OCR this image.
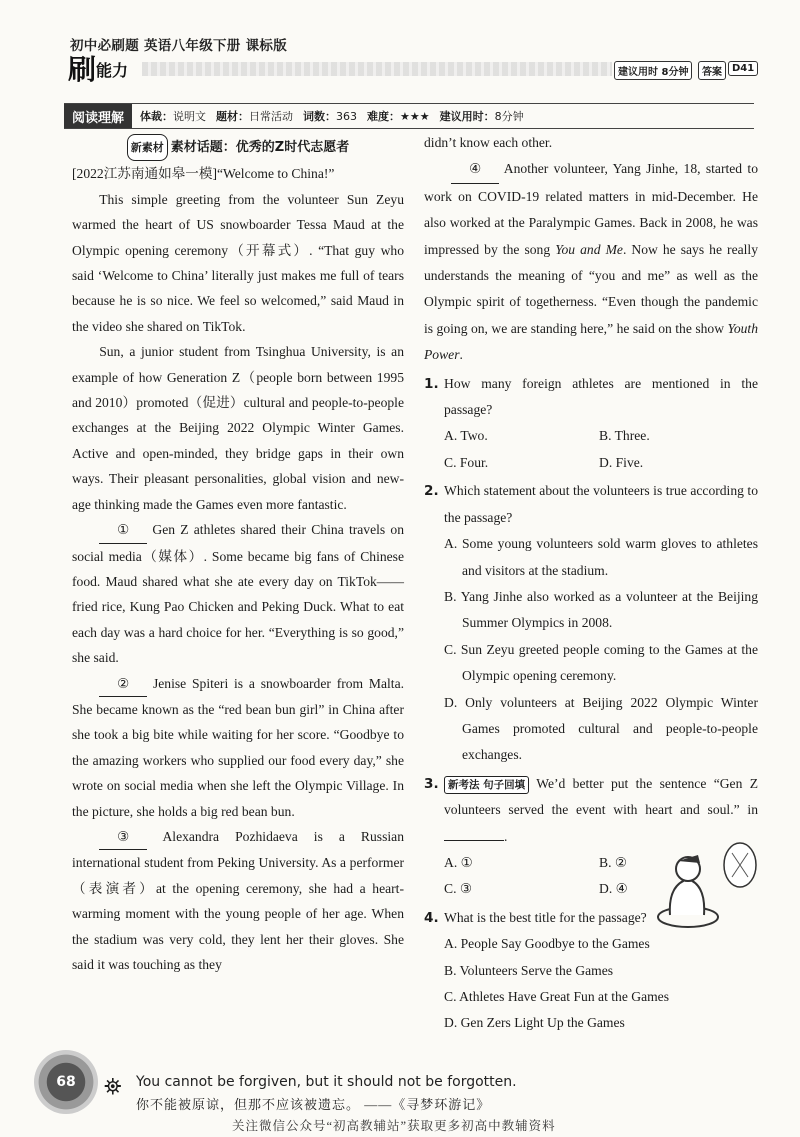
初中必刷题 英语八年级下册 课标版
刷 能力	建议用时 8分钟	答案	D41
阅读理解	体裁：说明文 题材：日常活动 词数：363 难度：★★★ 建议用时：8分钟
新素材 素材话题：优秀的Z时代志愿者

[2022江苏南通如皋一模]“Welcome to China!”

This simple greeting from the volunteer Sun Zeyu warmed the heart of US snowboarder Tessa Maud at the Olympic opening ceremony（开幕式）. “That guy who said ‘Welcome to China’ literally just makes me full of tears because he is so nice. We feel so welcomed,” said Maud in the video she shared on TikTok.

Sun, a junior student from Tsinghua University, is an example of how Generation Z（people born between 1995 and 2010）promoted（促进）cultural and people-to-people exchanges at the Beijing 2022 Olympic Winter Games. Active and open-minded, they bridge gaps in their own ways. Their pleasant personalities, global vision and new-age thinking made the Games even more fantastic.

① Gen Z athletes shared their China travels on social media（媒体）. Some became big fans of Chinese food. Maud shared what she ate every day on TikTok——fried rice, Kung Pao Chicken and Peking Duck. What to eat each day was a hard choice for her. “Everything is so good,” she said.

② Jenise Spiteri is a snowboarder from Malta. She became known as the “red bean bun girl” in China after she took a big bite while waiting for her score. “Goodbye to the amazing workers who supplied our food every day,” she wrote on social media when she left the Olympic Village. In the picture, she holds a big red bean bun.

③ Alexandra Pozhidaeva is a Russian international student from Peking University. As a performer（表演者）at the opening ceremony, she had a heart-warming moment with the young people of her age. When the stadium was very cold, they lent her their gloves. She said it was touching as they

didn’t know each other.

④ Another volunteer, Yang Jinhe, 18, started to work on COVID-19 related matters in mid-December. He also worked at the Paralympic Games. Back in 2008, he was impressed by the song You and Me. Now he says he really understands the meaning of “you and me” as well as the Olympic spirit of togetherness. “Even though the pandemic is going on, we are standing here,” he said on the show Youth Power.

1. How many foreign athletes are mentioned in the passage?
A. Two.	B. Three.
C. Four.	D. Five.
2. Which statement about the volunteers is true according to the passage?
A. Some young volunteers sold warm gloves to athletes and visitors at the stadium.
B. Yang Jinhe also worked as a volunteer at the Beijing Summer Olympics in 2008.
C. Sun Zeyu greeted people coming to the Games at the Olympic opening ceremony.
D. Only volunteers at Beijing 2022 Olympic Winter Games promoted cultural and people-to-people exchanges.
3. 新考法 句子回填 We’d better put the sentence “Gen Z volunteers served the event with heart and soul.” in .
A. ①	B. ②
C. ③	D. ④
4. What is the best title for the passage?
A. People Say Goodbye to the Games
B. Volunteers Serve the Games
C. Athletes Have Great Fun at the Games
D. Gen Zers Light Up the Games
68	⛯ You cannot be forgiven, but it should not be forgotten.
你不能被原谅，但那不应该被遗忘。 ——《寻梦环游记》
关注微信公众号“初高教辅站”获取更多初高中教辅资料
